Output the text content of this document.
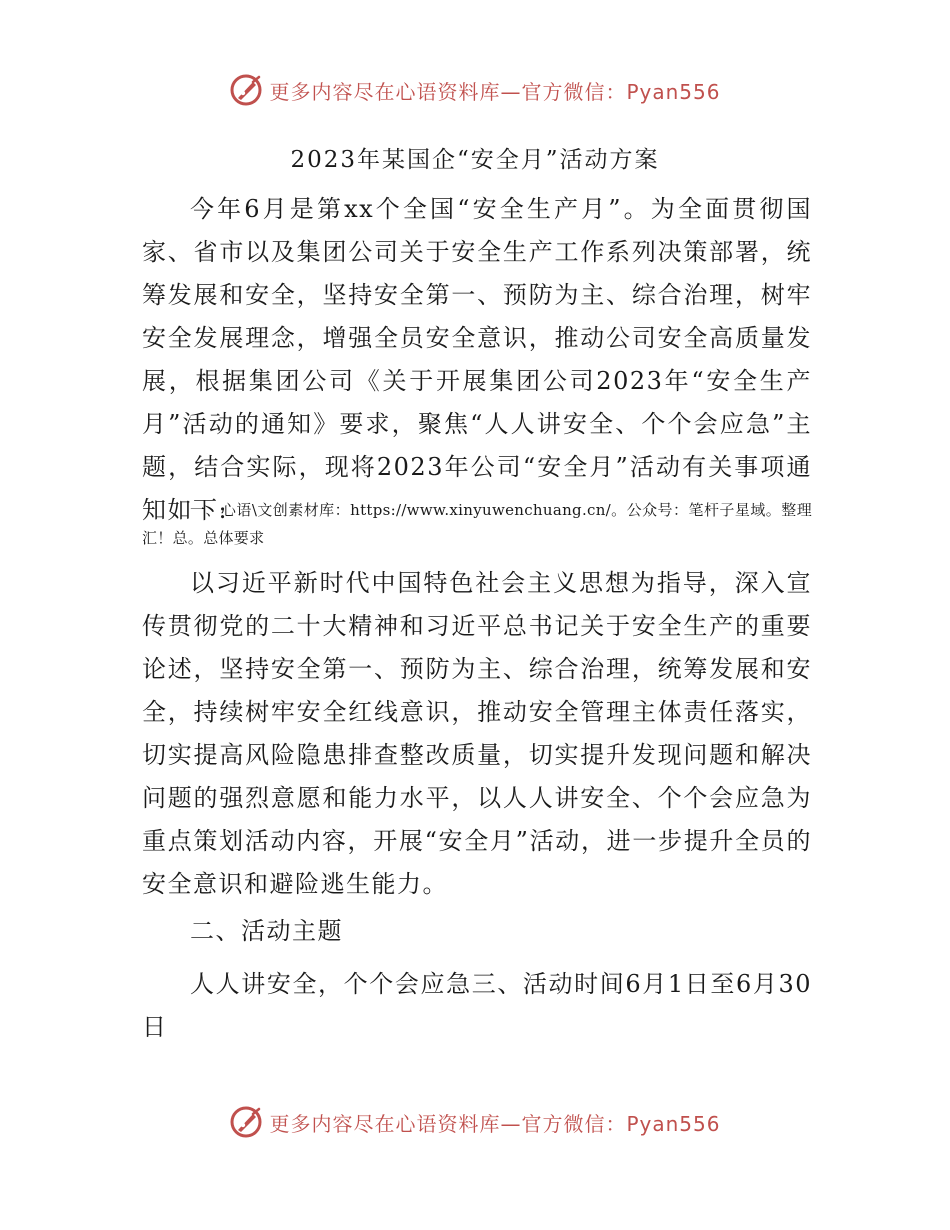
更多内容尽在心语资料库—官方微信：Pyan556
2023年某国企“安全月”活动方案

今年6月是第xx个全国“安全生产月”。为全面贯彻国家、省市以及集团公司关于安全生产工作系列决策部署，统筹发展和安全，坚持安全第一、预防为主、综合治理，树牢安全发展理念，增强全员安全意识，推动公司安全高质量发展，根据集团公司《关于开展集团公司2023年“安全生产月”活动的通知》要求，聚焦“人人讲安全、个个会应急”主题，结合实际，现将2023年公司“安全月”活动有关事项通知如下:

一、心语\文创素材库：https://www.xinyuwenchuang.cn/。公众号：笔杆子星域。整理汇！总。总体要求

以习近平新时代中国特色社会主义思想为指导，深入宣传贯彻党的二十大精神和习近平总书记关于安全生产的重要论述，坚持安全第一、预防为主、综合治理，统筹发展和安全，持续树牢安全红线意识，推动安全管理主体责任落实，切实提高风险隐患排查整改质量，切实提升发现问题和解决问题的强烈意愿和能力水平，以人人讲安全、个个会应急为重点策划活动内容，开展“安全月”活动，进一步提升全员的安全意识和避险逃生能力。

二、活动主题

人人讲安全，个个会应急三、活动时间6月1日至6月30日

更多内容尽在心语资料库—官方微信：Pyan556
